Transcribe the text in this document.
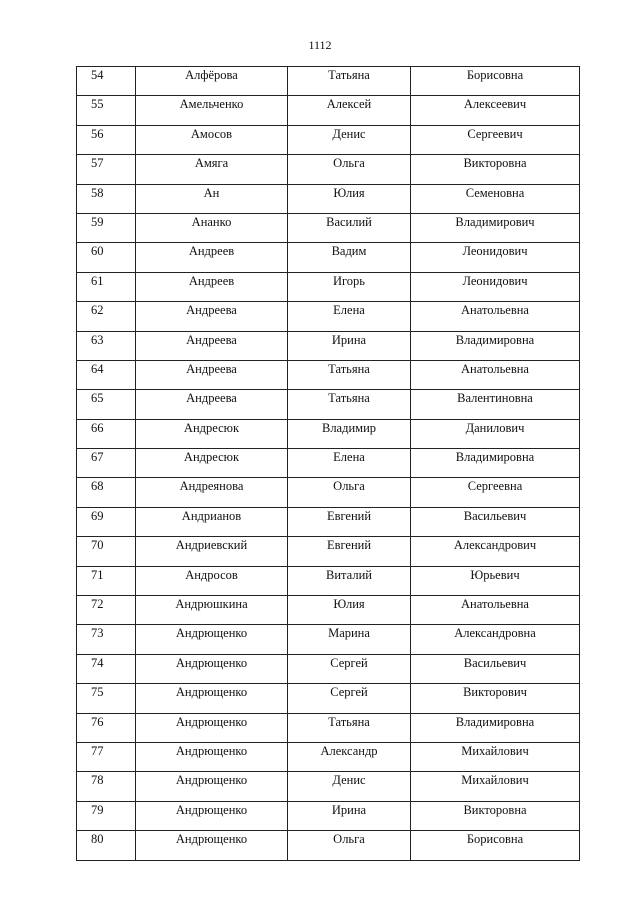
1112
54	Алфёрова	Татьяна	Борисовна
55	Амельченко	Алексей	Алексеевич
56	Амосов	Денис	Сергеевич
57	Амяга	Ольга	Викторовна
58	Ан	Юлия	Семеновна
59	Ананко	Василий	Владимирович
60	Андреев	Вадим	Леонидович
61	Андреев	Игорь	Леонидович
62	Андреева	Елена	Анатольевна
63	Андреева	Ирина	Владимировна
64	Андреева	Татьяна	Анатольевна
65	Андреева	Татьяна	Валентиновна
66	Андресюк	Владимир	Данилович
67	Андресюк	Елена	Владимировна
68	Андреянова	Ольга	Сергеевна
69	Андрианов	Евгений	Васильевич
70	Андриевский	Евгений	Александрович
71	Андросов	Виталий	Юрьевич
72	Андрюшкина	Юлия	Анатольевна
73	Андрющенко	Марина	Александровна
74	Андрющенко	Сергей	Васильевич
75	Андрющенко	Сергей	Викторович
76	Андрющенко	Татьяна	Владимировна
77	Андрющенко	Александр	Михайлович
78	Андрющенко	Денис	Михайлович
79	Андрющенко	Ирина	Викторовна
80	Андрющенко	Ольга	Борисовна
